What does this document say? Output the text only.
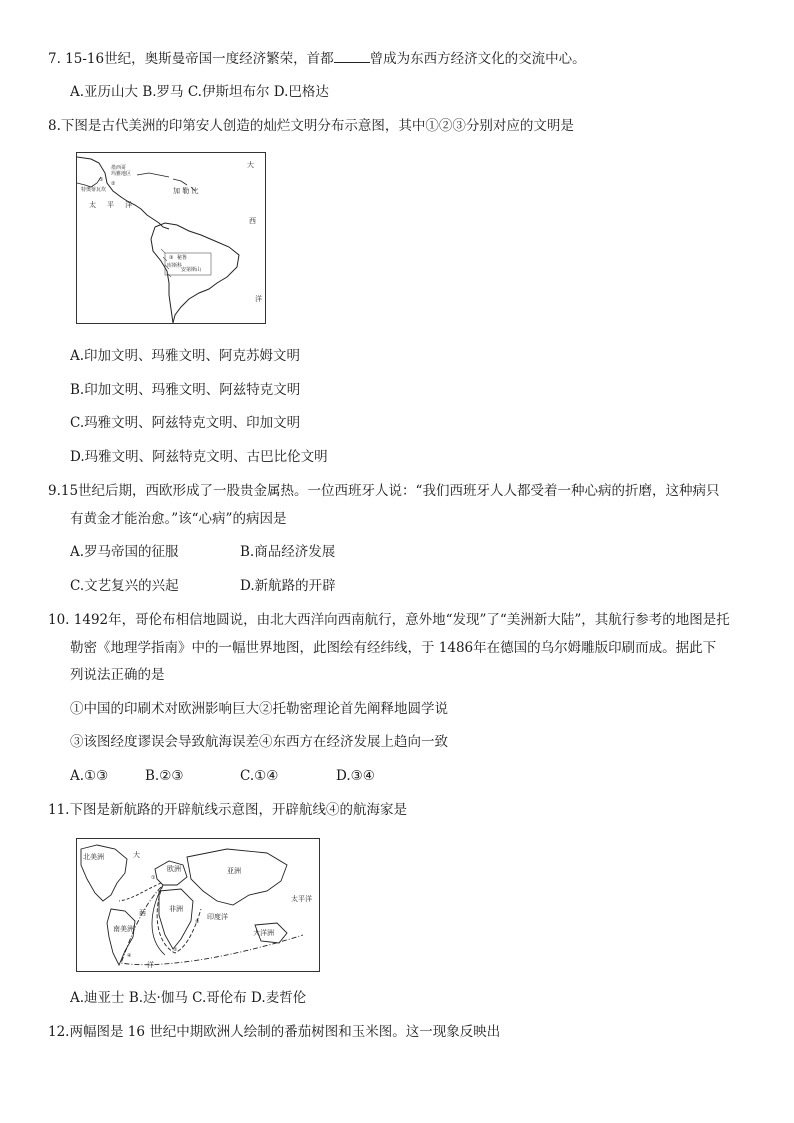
7. 15-16世纪，奥斯曼帝国一度经济繁荣，首都	曾成为东西方经济文化的交流中心。
A.亚历山大 B.罗马 C.伊斯坦布尔 D.巴格达
8.下图是古代美洲的印第安人创造的灿烂文明分布示意图，其中①②③分别对应的文明是
大
西
洋
加 勒 比
太 平 洋
①
墨西哥
玛雅地区
②
特奥蒂瓦坎
③ 秘鲁
库斯科
安第斯山
A.印加文明、玛雅文明、阿克苏姆文明
B.印加文明、玛雅文明、阿兹特克文明
C.玛雅文明、阿兹特克文明、印加文明
D.玛雅文明、阿兹特克文明、古巴比伦文明
9.15世纪后期，西欧形成了一股贵金属热。一位西班牙人说：“我们西班牙人人都受着一种心病的折磨，这种病只
有黄金才能治愈。”该“心病”的病因是
A.罗马帝国的征服	B.商品经济发展
C.文艺复兴的兴起	D.新航路的开辟
10. 1492年，哥伦布相信地圆说，由北大西洋向西南航行，意外地“发现”了“美洲新大陆”，其航行参考的地图是托
勒密《地理学指南》中的一幅世界地图，此图绘有经纬线，于 1486年在德国的乌尔姆雕版印刷而成。据此下
列说法正确的是
①中国的印刷术对欧洲影响巨大②托勒密理论首先阐释地圆学说
③该图经度谬误会导致航海误差④东西方在经济发展上趋向一致
A.①③	B.②③	C.①④	D.③④
11.下图是新航路的开辟航线示意图，开辟航线④的航海家是
北美洲	大
欧洲	亚洲
非洲
南美洲
西
洋
印度洋
太平洋
大洋洲
①
②
③
④
A.迪亚士 B.达·伽马 C.哥伦布 D.麦哲伦
12.两幅图是 16 世纪中期欧洲人绘制的番茄树图和玉米图。这一现象反映出
